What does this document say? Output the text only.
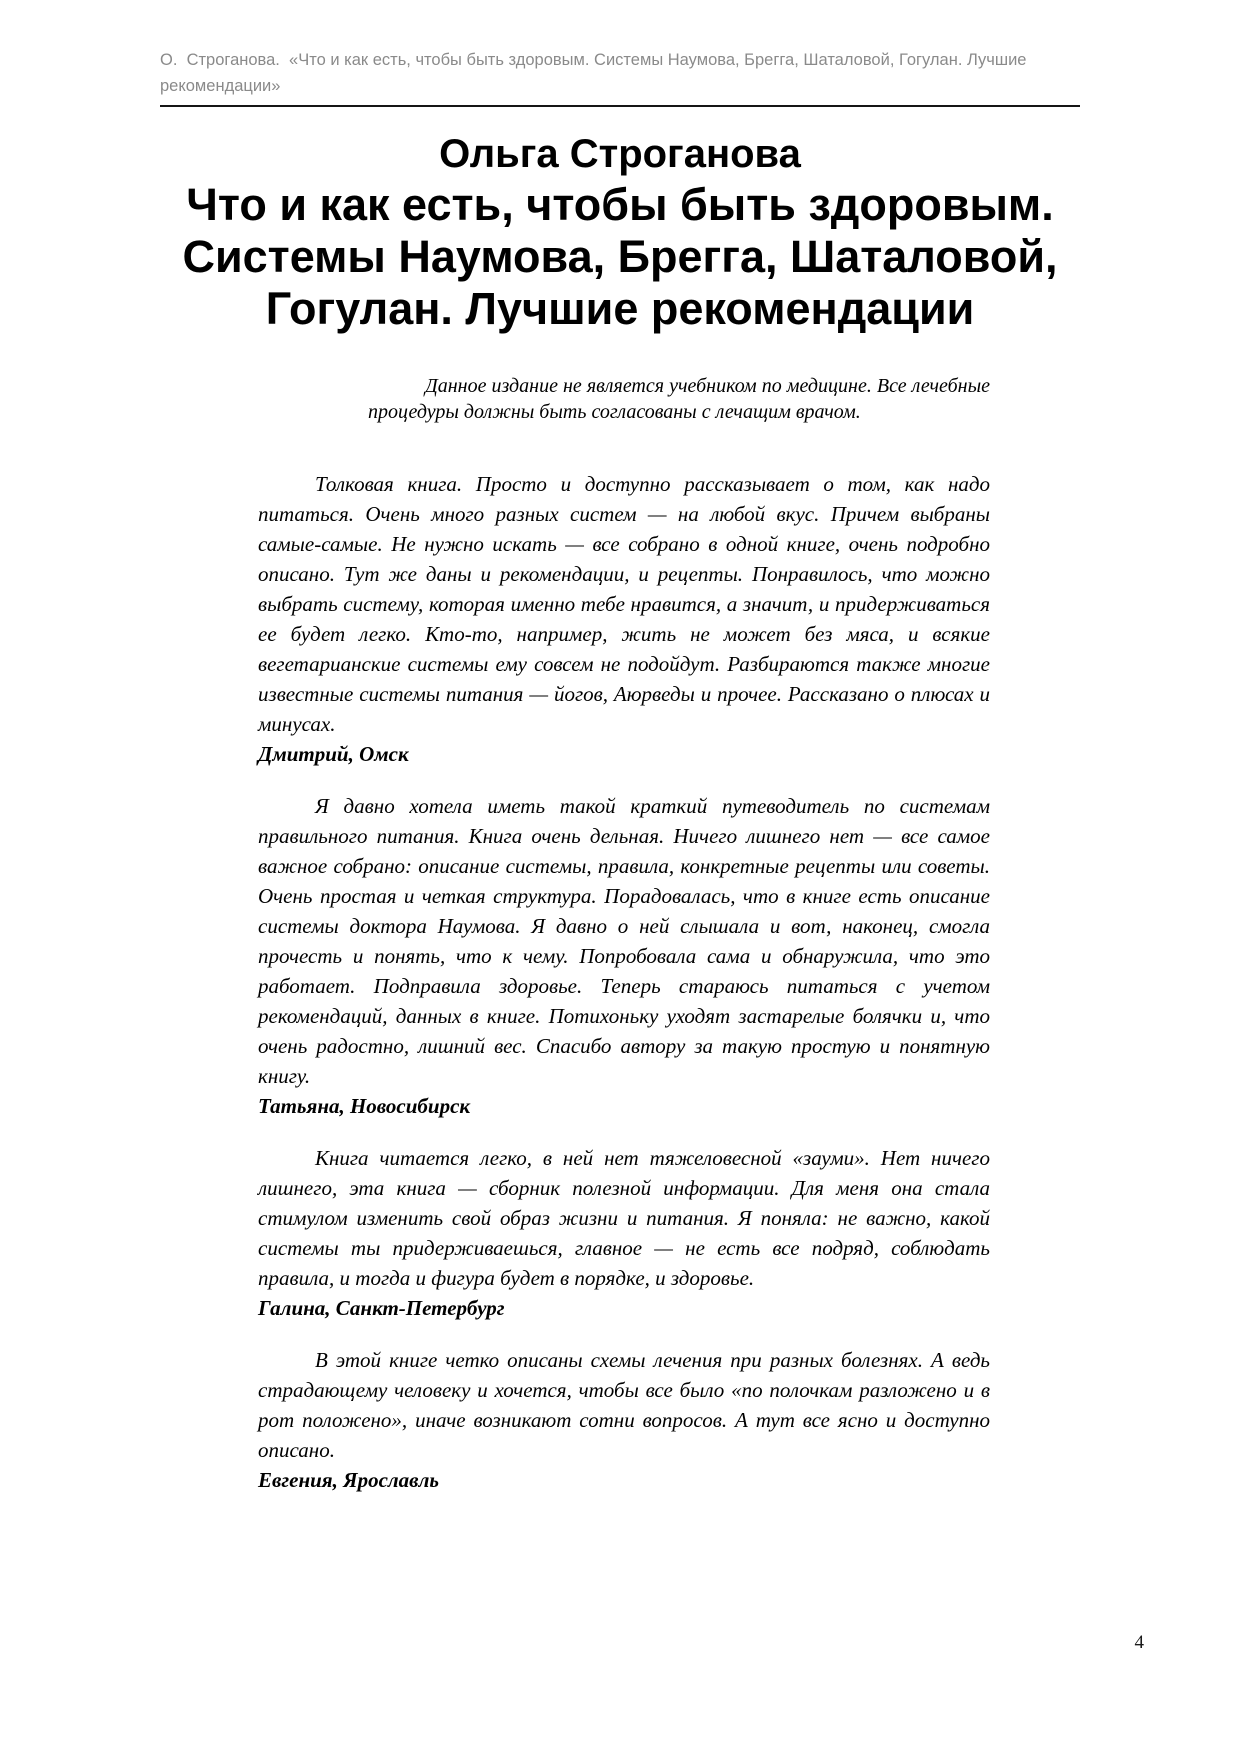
О.  Строганова.  «Что и как есть, чтобы быть здоровым. Системы Наумова, Брегга, Шаталовой, Гогулан. Лучшие рекомендации»
Ольга Строганова
Что и как есть, чтобы быть здоровым.
Системы Наумова, Брегга, Шаталовой,
Гогулан. Лучшие рекомендации

Данное издание не является учебником по медицине. Все лечебные процедуры должны быть согласованы с лечащим врачом.

Толковая книга. Просто и доступно рассказывает о том, как надо питаться. Очень много разных систем — на любой вкус. Причем выбраны самые-самые. Не нужно искать — все собрано в одной книге, очень подробно описано. Тут же даны и рекомендации, и рецепты. Понравилось, что можно выбрать систему, которая именно тебе нравится, а значит, и придерживаться ее будет легко. Кто-то, например, жить не может без мяса, и всякие вегетарианские системы ему совсем не подойдут. Разбираются также многие известные системы питания — йогов, Аюрведы и прочее. Рассказано о плюсах и минусах.

Дмитрий, Омск

Я давно хотела иметь такой краткий путеводитель по системам правильного питания. Книга очень дельная. Ничего лишнего нет — все самое важное собрано: описание системы, правила, конкретные рецепты или советы. Очень простая и четкая структура. Порадовалась, что в книге есть описание системы доктора Наумова. Я давно о ней слышала и вот, наконец, смогла прочесть и понять, что к чему. Попробовала сама и обнаружила, что это работает. Подправила здоровье. Теперь стараюсь питаться с учетом рекомендаций, данных в книге. Потихоньку уходят застарелые болячки и, что очень радостно, лишний вес. Спасибо автору за такую простую и понятную книгу.

Татьяна, Новосибирск

Книга читается легко, в ней нет тяжеловесной «зауми». Нет ничего лишнего, эта книга — сборник полезной информации. Для меня она стала стимулом изменить свой образ жизни и питания. Я поняла: не важно, какой системы ты придерживаешься, главное — не есть все подряд, соблюдать правила, и тогда и фигура будет в порядке, и здоровье.

Галина, Санкт-Петербург

В этой книге четко описаны схемы лечения при разных болезнях. А ведь страдающему человеку и хочется, чтобы все было «по полочкам разложено и в рот положено», иначе возникают сотни вопросов. А тут все ясно и доступно описано.

Евгения, Ярославль

4
